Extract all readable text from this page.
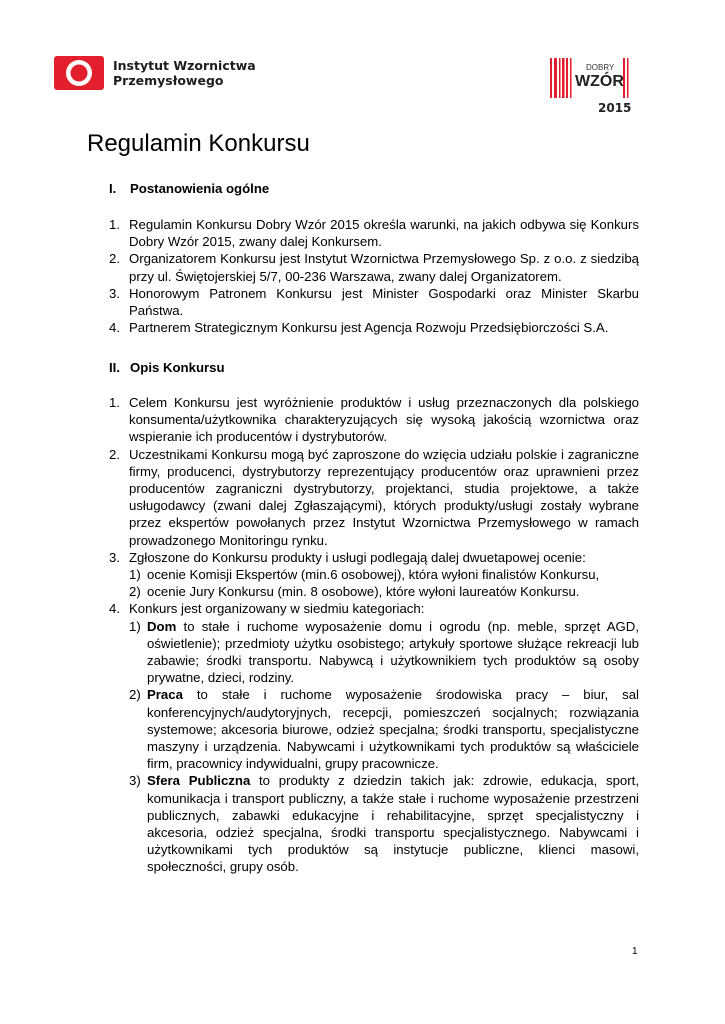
Instytut Wzornictwa
Przemysłowego
DOBRY
WZÓR
2015
Regulamin Konkursu
I. Postanowienia ogólne
1. Regulamin Konkursu Dobry Wzór 2015 określa warunki, na jakich odbywa się Konkurs Dobry Wzór 2015, zwany dalej Konkursem.
2. Organizatorem Konkursu jest Instytut Wzornictwa Przemysłowego Sp. z o.o. z siedzibą przy ul. Świętojerskiej 5/7, 00-236 Warszawa, zwany dalej Organizatorem.
3. Honorowym Patronem Konkursu jest Minister Gospodarki oraz Minister Skarbu Państwa.
4. Partnerem Strategicznym Konkursu jest Agencja Rozwoju Przedsiębiorczości S.A.
II. Opis Konkursu
1. Celem Konkursu jest wyróżnienie produktów i usług przeznaczonych dla polskiego konsumenta/użytkownika charakteryzujących się wysoką jakością wzornictwa oraz wspieranie ich producentów i dystrybutorów.
2. Uczestnikami Konkursu mogą być zaproszone do wzięcia udziału polskie i zagraniczne firmy, producenci, dystrybutorzy reprezentujący producentów oraz uprawnieni przez producentów zagraniczni dystrybutorzy, projektanci, studia projektowe, a także usługodawcy (zwani dalej Zgłaszającymi), których produkty/usługi zostały wybrane przez ekspertów powołanych przez Instytut Wzornictwa Przemysłowego w ramach prowadzonego Monitoringu rynku.
3. Zgłoszone do Konkursu produkty i usługi podlegają dalej dwuetapowej ocenie:
1) ocenie Komisji Ekspertów (min.6 osobowej), która wyłoni finalistów Konkursu,
2) ocenie Jury Konkursu (min. 8 osobowe), które wyłoni laureatów Konkursu.
4. Konkurs jest organizowany w siedmiu kategoriach:
1) Dom to stałe i ruchome wyposażenie domu i ogrodu (np. meble, sprzęt AGD, oświetlenie); przedmioty użytku osobistego; artykuły sportowe służące rekreacji lub zabawie; środki transportu. Nabywcą i użytkownikiem tych produktów są osoby prywatne, dzieci, rodziny.
2) Praca to stałe i ruchome wyposażenie środowiska pracy – biur, sal konferencyjnych/audytoryjnych, recepcji, pomieszczeń socjalnych; rozwiązania systemowe; akcesoria biurowe, odzież specjalna; środki transportu, specjalistyczne maszyny i urządzenia. Nabywcami i użytkownikami tych produktów są właściciele firm, pracownicy indywidualni, grupy pracownicze.
3) Sfera Publiczna to produkty z dziedzin takich jak: zdrowie, edukacja, sport, komunikacja i transport publiczny, a także stałe i ruchome wyposażenie przestrzeni publicznych, zabawki edukacyjne i rehabilitacyjne, sprzęt specjalistyczny i akcesoria, odzież specjalna, środki transportu specjalistycznego. Nabywcami i użytkownikami tych produktów są instytucje publiczne, klienci masowi, społeczności, grupy osób.
1
